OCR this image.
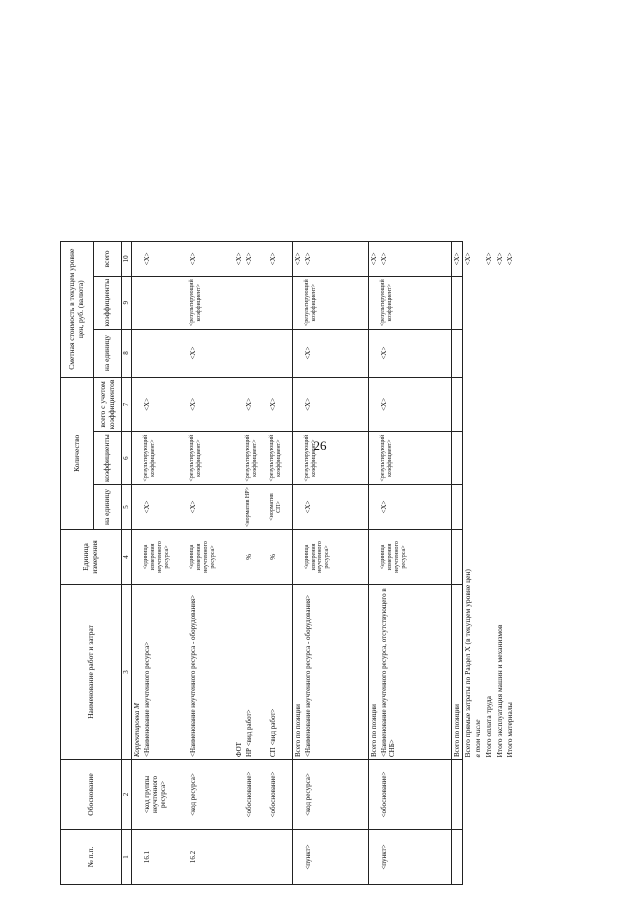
26
№ п.п.	Обоснование	Наименование работ и затрат	Единица измерения	Количество			Сметная стоимость в текущем уровне цен, руб. (валюта)		
				на единицу	коэффициенты	всего с учетом коэффициентов	на единицу	коэффициенты	всего
1	2	3	4	5	6	7	8	9	10
		Корректировка М							
16.1	<код группы неучтенного ресурса>	<Наименование неучтенного ресурса>	<единица измерения неучтенного ресурса>	<X>	<результирующий коэффициент>	<X>			<X>
16.2	<код ресурса>	<Наименование неучтенного ресурса - оборудования>	<единица измерения неучтенного ресурса>	<X>	<результирующий коэффициент>	<X>	<X>	<результирующий коэффициент>	<X>
		ФОТ							<X>
	<обоснование>	НР <вид работ>	%	<норматив НР>	<результирующий коэффициент>	<X>			<X>
	<обоснование>	СП <вид работ>	%	<норматив СП>	<результирующий коэффициент>	<X>			<X>
		Всего по позиции							<X>
<пункт>	<код ресурса>	<Наименование неучтенного ресурса - оборудования>	<единица измерения неучтенного ресурса>	<X>	<результирующий коэффициент>	<X>	<X>	<результирующий коэффициент>	<X>
		Всего по позиции							<X>
<пункт>	<обоснование>	<Наименование неучтенного ресурса, отсутствующего в СНБ>	<единица измерения неучтенного ресурса>	<X>	<результирующий коэффициент>	<X>	<X>	<результирующий коэффициент>	<X>
		Всего по позиции							<X>
		Всего прямые затраты по Раздел X (в текущем уровне цен)							<X>
		в том числе							
		Итого оплата труда							<X>
		Итого эксплуатация машин и механизмов							<X>
		Итого материалы							<X>
